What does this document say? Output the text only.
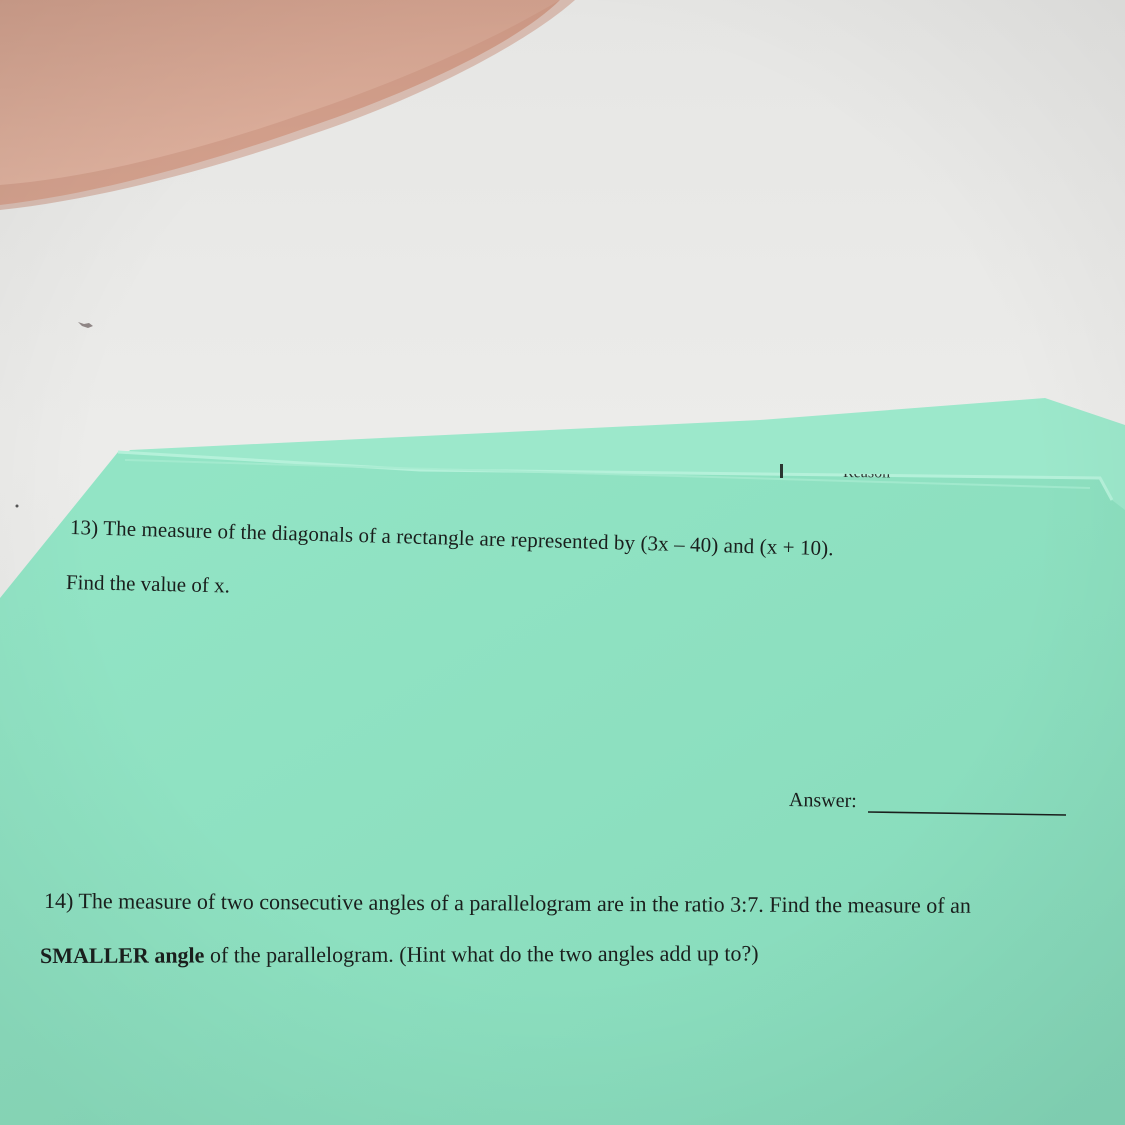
13) The measure of the diagonals of a rectangle are represented by (3x – 40) and (x + 10).
Find the value of x.
Answer:
14) The measure of two consecutive angles of a parallelogram are in the ratio 3:7. Find the measure of an
SMALLER angle of the parallelogram. (Hint what do the two angles add up to?)
